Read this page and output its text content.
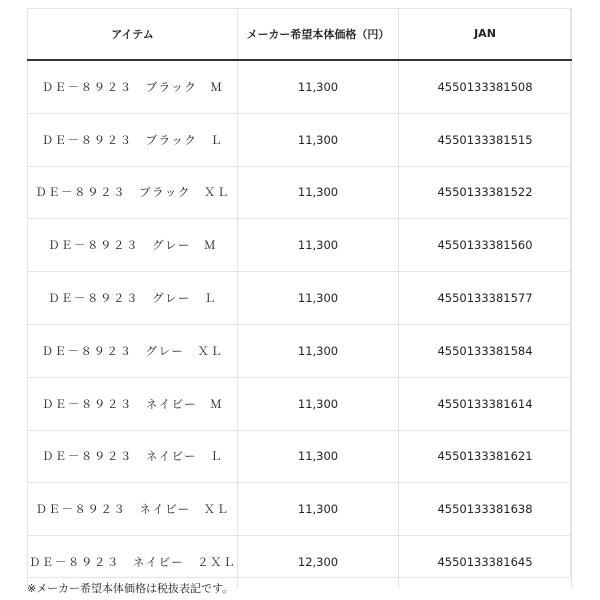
アイテム	メーカー希望本体価格（円）	JAN
ＤＥ－８９２３　ブラック　Ｍ	11,300	4550133381508
ＤＥ－８９２３　ブラック　Ｌ	11,300	4550133381515
ＤＥ－８９２３　ブラック　ＸＬ	11,300	4550133381522
ＤＥ－８９２３　グレー　Ｍ	11,300	4550133381560
ＤＥ－８９２３　グレー　Ｌ	11,300	4550133381577
ＤＥ－８９２３　グレー　ＸＬ	11,300	4550133381584
ＤＥ－８９２３　ネイビー　Ｍ	11,300	4550133381614
ＤＥ－８９２３　ネイビー　Ｌ	11,300	4550133381621
ＤＥ－８９２３　ネイビー　ＸＬ	11,300	4550133381638
ＤＥ－８９２３　ネイビー　２ＸＬ	12,300	4550133381645
※メーカー希望本体価格は税抜表記です。
